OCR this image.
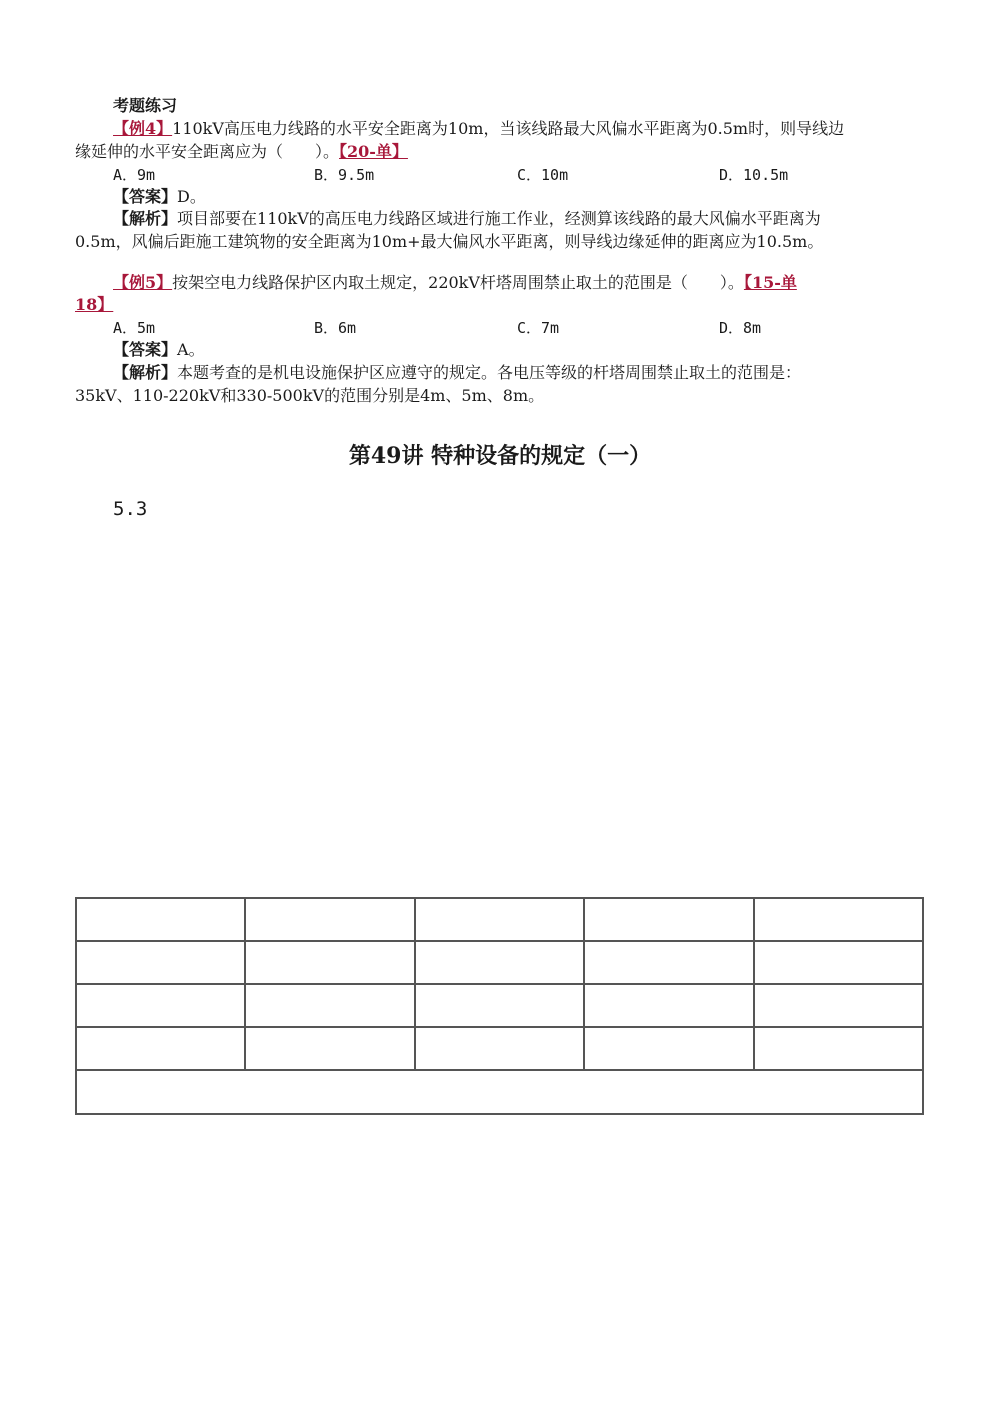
考题练习
【例4】110kV高压电力线路的水平安全距离为10m，当该线路最大风偏水平距离为0.5m时，则导线边
缘延伸的水平安全距离应为（　　）。【20-单】
A．9m	B．9.5m	C．10m	D．10.5m
【答案】D。
【解析】项目部要在110kV的高压电力线路区域进行施工作业，经测算该线路的最大风偏水平距离为
0.5m，风偏后距施工建筑物的安全距离为10m+最大偏风水平距离，则导线边缘延伸的距离应为10.5m。
【例5】按架空电力线路保护区内取土规定，220kV杆塔周围禁止取土的范围是（　　）。【15-单
18】
A．5m	B．6m	C．7m	D．8m
【答案】A。
【解析】本题考查的是机电设施保护区应遵守的规定。各电压等级的杆塔周围禁止取土的范围是：
35kV、110-220kV和330-500kV的范围分别是4m、5m、8m。
第49讲 特种设备的规定（一）
5.3
